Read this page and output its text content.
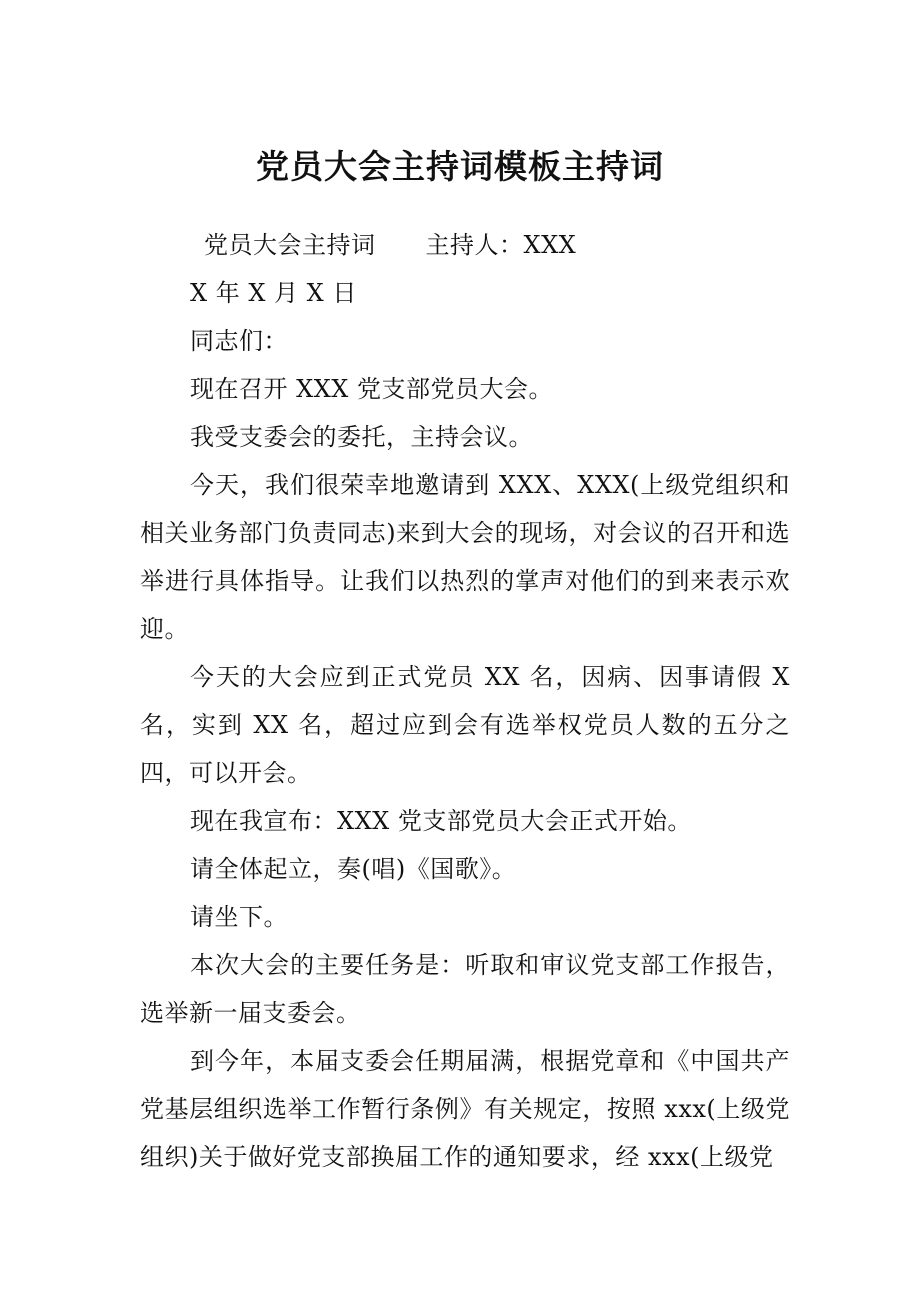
党员大会主持词模板主持词

党员大会主持词 主持人：XXX

X 年 X 月 X 日

同志们：

现在召开 XXX 党支部党员大会。

我受支委会的委托，主持会议。

今天，我们很荣幸地邀请到 XXX、XXX(上级党组织和相关业务部门负责同志)来到大会的现场，对会议的召开和选举进行具体指导。让我们以热烈的掌声对他们的到来表示欢迎。

今天的大会应到正式党员 XX 名，因病、因事请假 X 名，实到 XX 名，超过应到会有选举权党员人数的五分之四，可以开会。

现在我宣布：XXX 党支部党员大会正式开始。

请全体起立，奏(唱)《国歌》。

请坐下。

本次大会的主要任务是：听取和审议党支部工作报告，选举新一届支委会。

到今年，本届支委会任期届满，根据党章和《中国共产党基层组织选举工作暂行条例》有关规定，按照 xxx(上级党组织)关于做好党支部换届工作的通知要求，经 xxx(上级党
